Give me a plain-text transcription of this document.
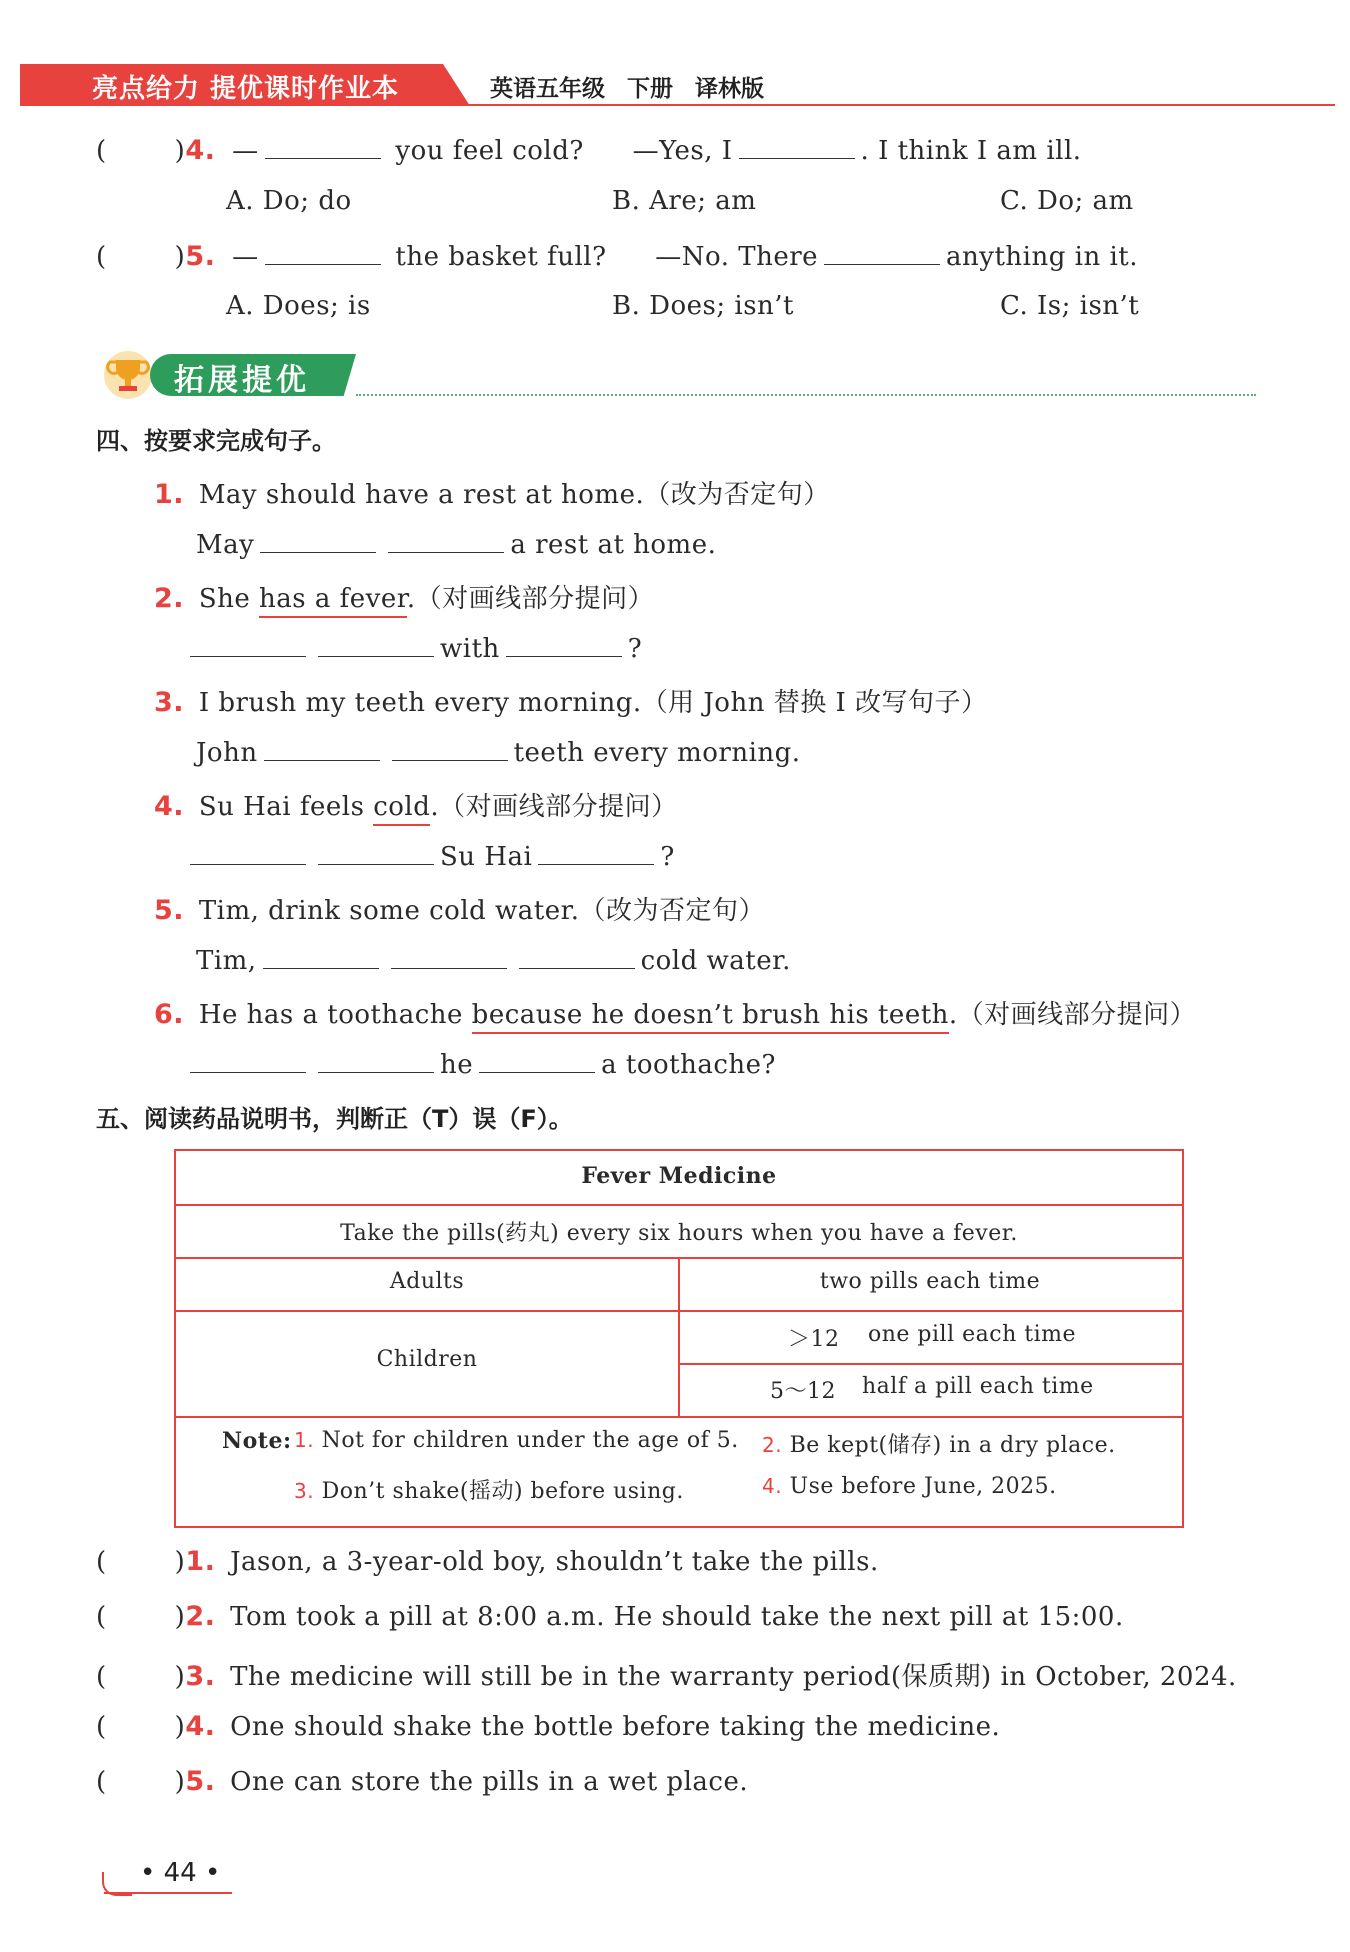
亮点给力 提优课时作业本	英语五年级 下册 译林版
(	)4. —	you feel cold? —Yes, I	. I think I am ill.
A. Do; do	B. Are; am	C. Do; am
(	)5. —	the basket full? —No. There	anything in it.
A. Does; is	B. Does; isn’t	C. Is; isn’t
拓展提优
四、按要求完成句子。
1. May should have a rest at home.（改为否定句）
May	a rest at home.
2. She has a fever.（对画线部分提问）
with	?
3. I brush my teeth every morning.（用 John 替换 I 改写句子）
John	teeth every morning.
4. Su Hai feels cold.（对画线部分提问）
Su Hai	?
5. Tim, drink some cold water.（改为否定句）
Tim,	cold water.
6. He has a toothache because he doesn’t brush his teeth.（对画线部分提问）
he	a toothache?
五、阅读药品说明书，判断正（T）误（F）。
Fever Medicine
Take the pills(药丸) every six hours when you have a fever.
Adults	two pills each time
Children
＞12 one pill each time
5～12 half a pill each time
Note: 1. Not for children under the age of 5. 2. Be kept(储存) in a dry place.
3. Don’t shake(摇动) before using.	4. Use before June, 2025.
(	)1. Jason, a 3-year-old boy, shouldn’t take the pills.
(	)2. Tom took a pill at 8:00 a.m. He should take the next pill at 15:00.
(	)3. The medicine will still be in the warranty period(保质期) in October, 2024.
(	)4. One should shake the bottle before taking the medicine.
(	)5. One can store the pills in a wet place.
• 44 •
